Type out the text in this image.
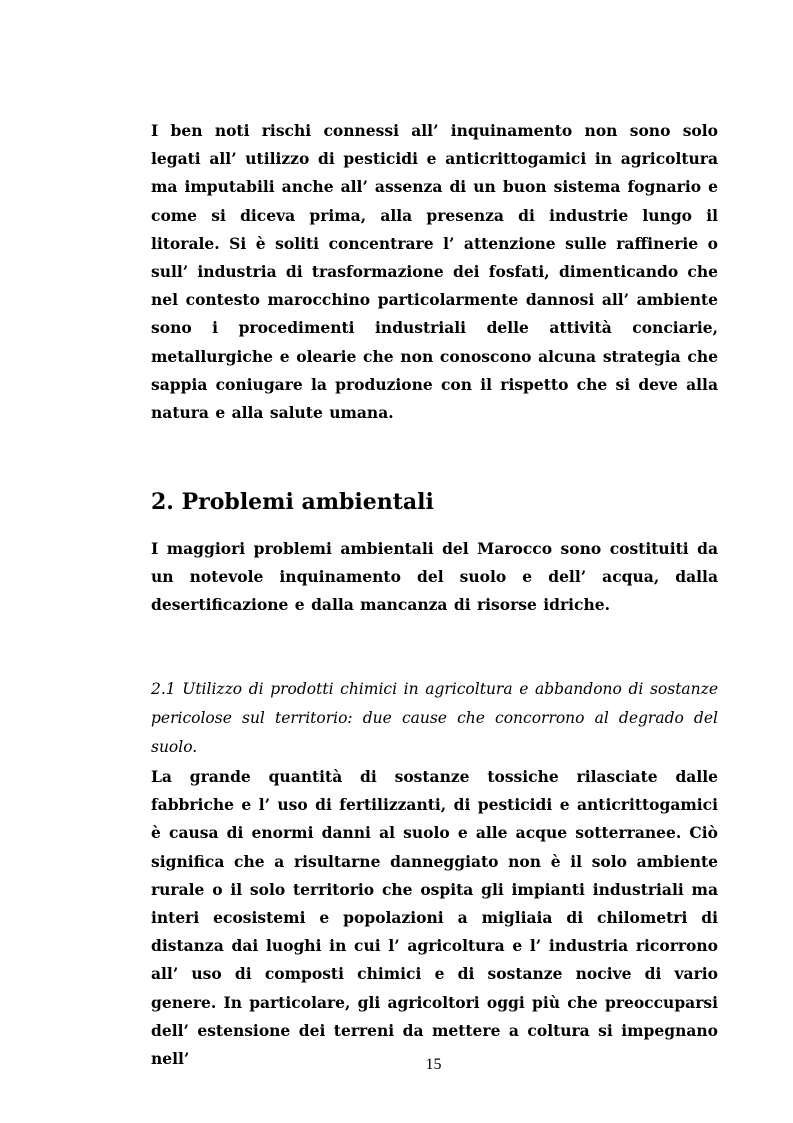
I ben noti rischi connessi all’ inquinamento non sono solo legati all’ utilizzo di pesticidi e anticrittogamici in agricoltura ma imputabili anche all’ assenza di un buon sistema fognario e come si diceva prima, alla presenza di industrie lungo il litorale. Si è soliti concentrare l’ attenzione sulle raffinerie o sull’ industria di trasformazione dei fosfati, dimenticando che nel contesto marocchino particolarmente dannosi all’ ambiente sono i procedimenti industriali delle attività conciarie, metallurgiche e olearie che non conoscono alcuna strategia che sappia coniugare la produzione con il rispetto che si deve alla natura e alla salute umana.

2. Problemi ambientali

I maggiori problemi ambientali del Marocco sono costituiti da un notevole inquinamento del suolo e dell’ acqua, dalla desertificazione e dalla mancanza di risorse idriche.

2.1 Utilizzo di prodotti chimici in agricoltura e abbandono di sostanze pericolose sul territorio: due cause che concorrono al degrado del suolo.

La grande quantità di sostanze tossiche rilasciate dalle fabbriche e l’ uso di fertilizzanti, di pesticidi e anticrittogamici è causa di enormi danni al suolo e alle acque sotterranee. Ciò significa che a risultarne danneggiato non è il solo ambiente rurale o il solo territorio che ospita gli impianti industriali ma interi ecosistemi e popolazioni a migliaia di chilometri di distanza dai luoghi in cui l’ agricoltura e l’ industria ricorrono all’ uso di composti chimici e di sostanze nocive di vario genere. In particolare, gli agricoltori oggi più che preoccuparsi dell’ estensione dei terreni da mettere a coltura si impegnano nell’	15
